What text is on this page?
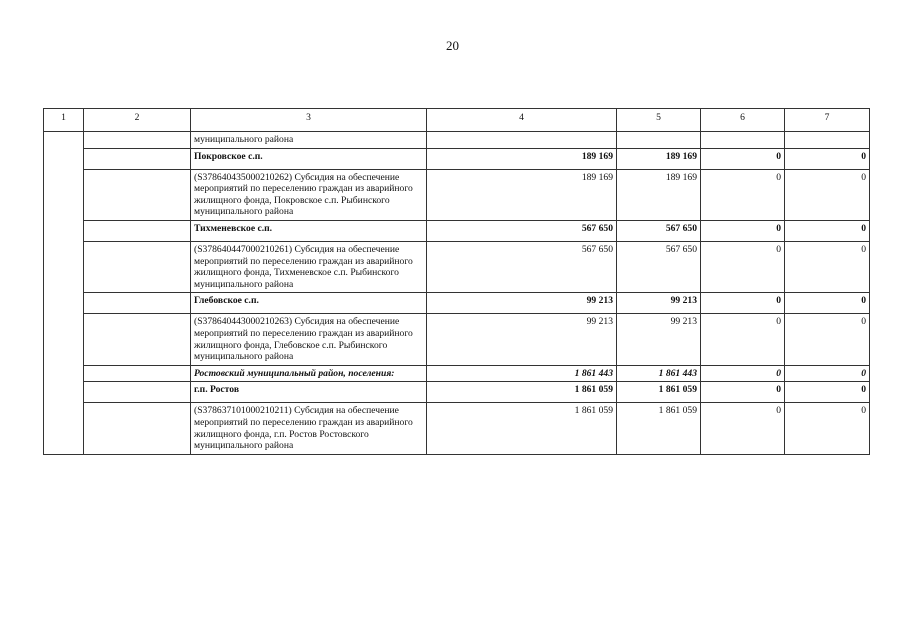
20
1	2	3	4	5	6	7
		муниципального района				
		Покровское с.п.	189 169	189 169	0	0
		(S378640435000210262) Субсидия на обеспечение мероприятий по переселению граждан из аварийного жилищного фонда, Покровское с.п. Рыбинского муниципального района	189 169	189 169	0	0
		Тихменевское с.п.	567 650	567 650	0	0
		(S378640447000210261) Субсидия на обеспечение мероприятий по переселению граждан из аварийного жилищного фонда, Тихменевское с.п. Рыбинского муниципального района	567 650	567 650	0	0
		Глебовское с.п.	99 213	99 213	0	0
		(S378640443000210263) Субсидия на обеспечение мероприятий по переселению граждан из аварийного жилищного фонда, Глебовское с.п. Рыбинского муниципального района	99 213	99 213	0	0
		Ростовский муниципальный район, поселения:	1 861 443	1 861 443	0	0
		г.п. Ростов	1 861 059	1 861 059	0	0
		(S378637101000210211) Субсидия на обеспечение мероприятий по переселению граждан из аварийного жилищного фонда, г.п. Ростов Ростовского муниципального района	1 861 059	1 861 059	0	0
